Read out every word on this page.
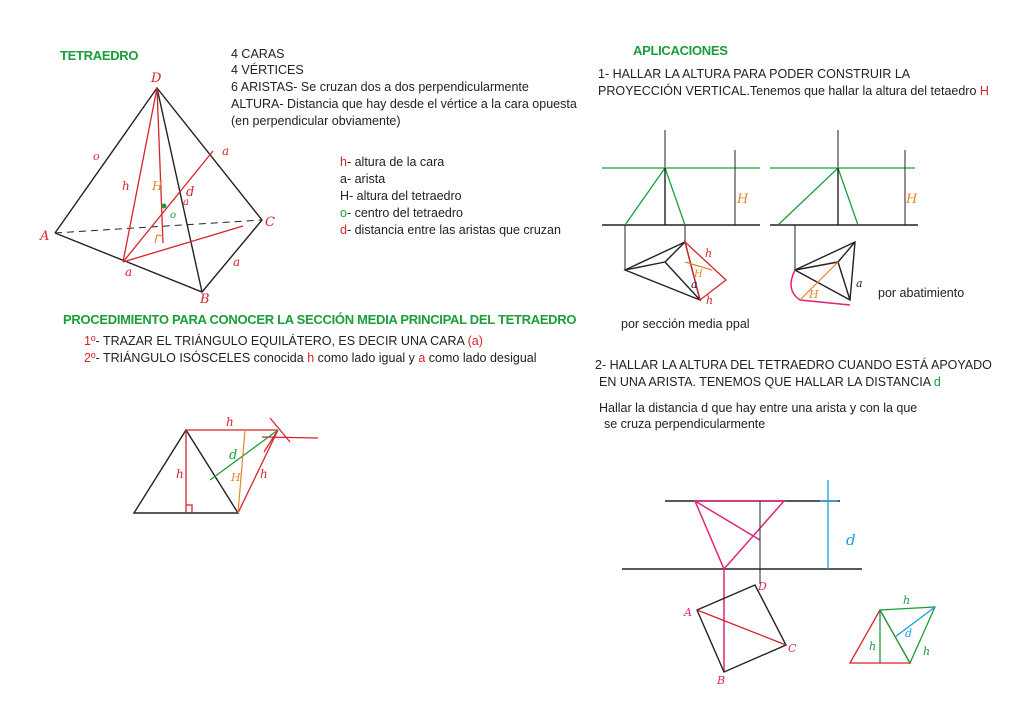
TETRAEDRO	4 CARAS
4 VÉRTICES
6 ARISTAS- Se cruzan dos a dos perpendicularmente
ALTURA- Distancia que hay desde el vértice a la cara opuesta
(en perpendicular obviamente)
h- altura de la cara
a- arista
H- altura del tetraedro
o- centro del tetraedro
d- distancia entre las aristas que cruzan
PROCEDIMIENTO PARA CONOCER LA SECCIÓN MEDIA PRINCIPAL DEL TETRAEDRO
1º- TRAZAR EL TRIÁNGULO EQUILÁTERO, ES DECIR UNA CARA (a)
2º- TRIÁNGULO ISÓSCELES conocida h como lado igual y a como lado desigual
APLICACIONES
1- HALLAR LA ALTURA PARA PODER CONSTRUIR LA
PROYECCIÓN VERTICAL.Tenemos que hallar la altura del tetaedro H
por sección media ppal
por abatimiento
2- HALLAR LA ALTURA DEL TETRAEDRO CUANDO ESTÁ APOYADO
EN UNA ARISTA. TENEMOS QUE HALLAR LA DISTANCIA d
Hallar la distancia d que hay entre una arista y con la que
se cruza perpendicularmente
D
A
B
C
a
a
a
o
h H d
o
a
h
h	h
d
H
H
h
h
a
H
H
H
a
d
D
A
C
B
h
h	h
d
